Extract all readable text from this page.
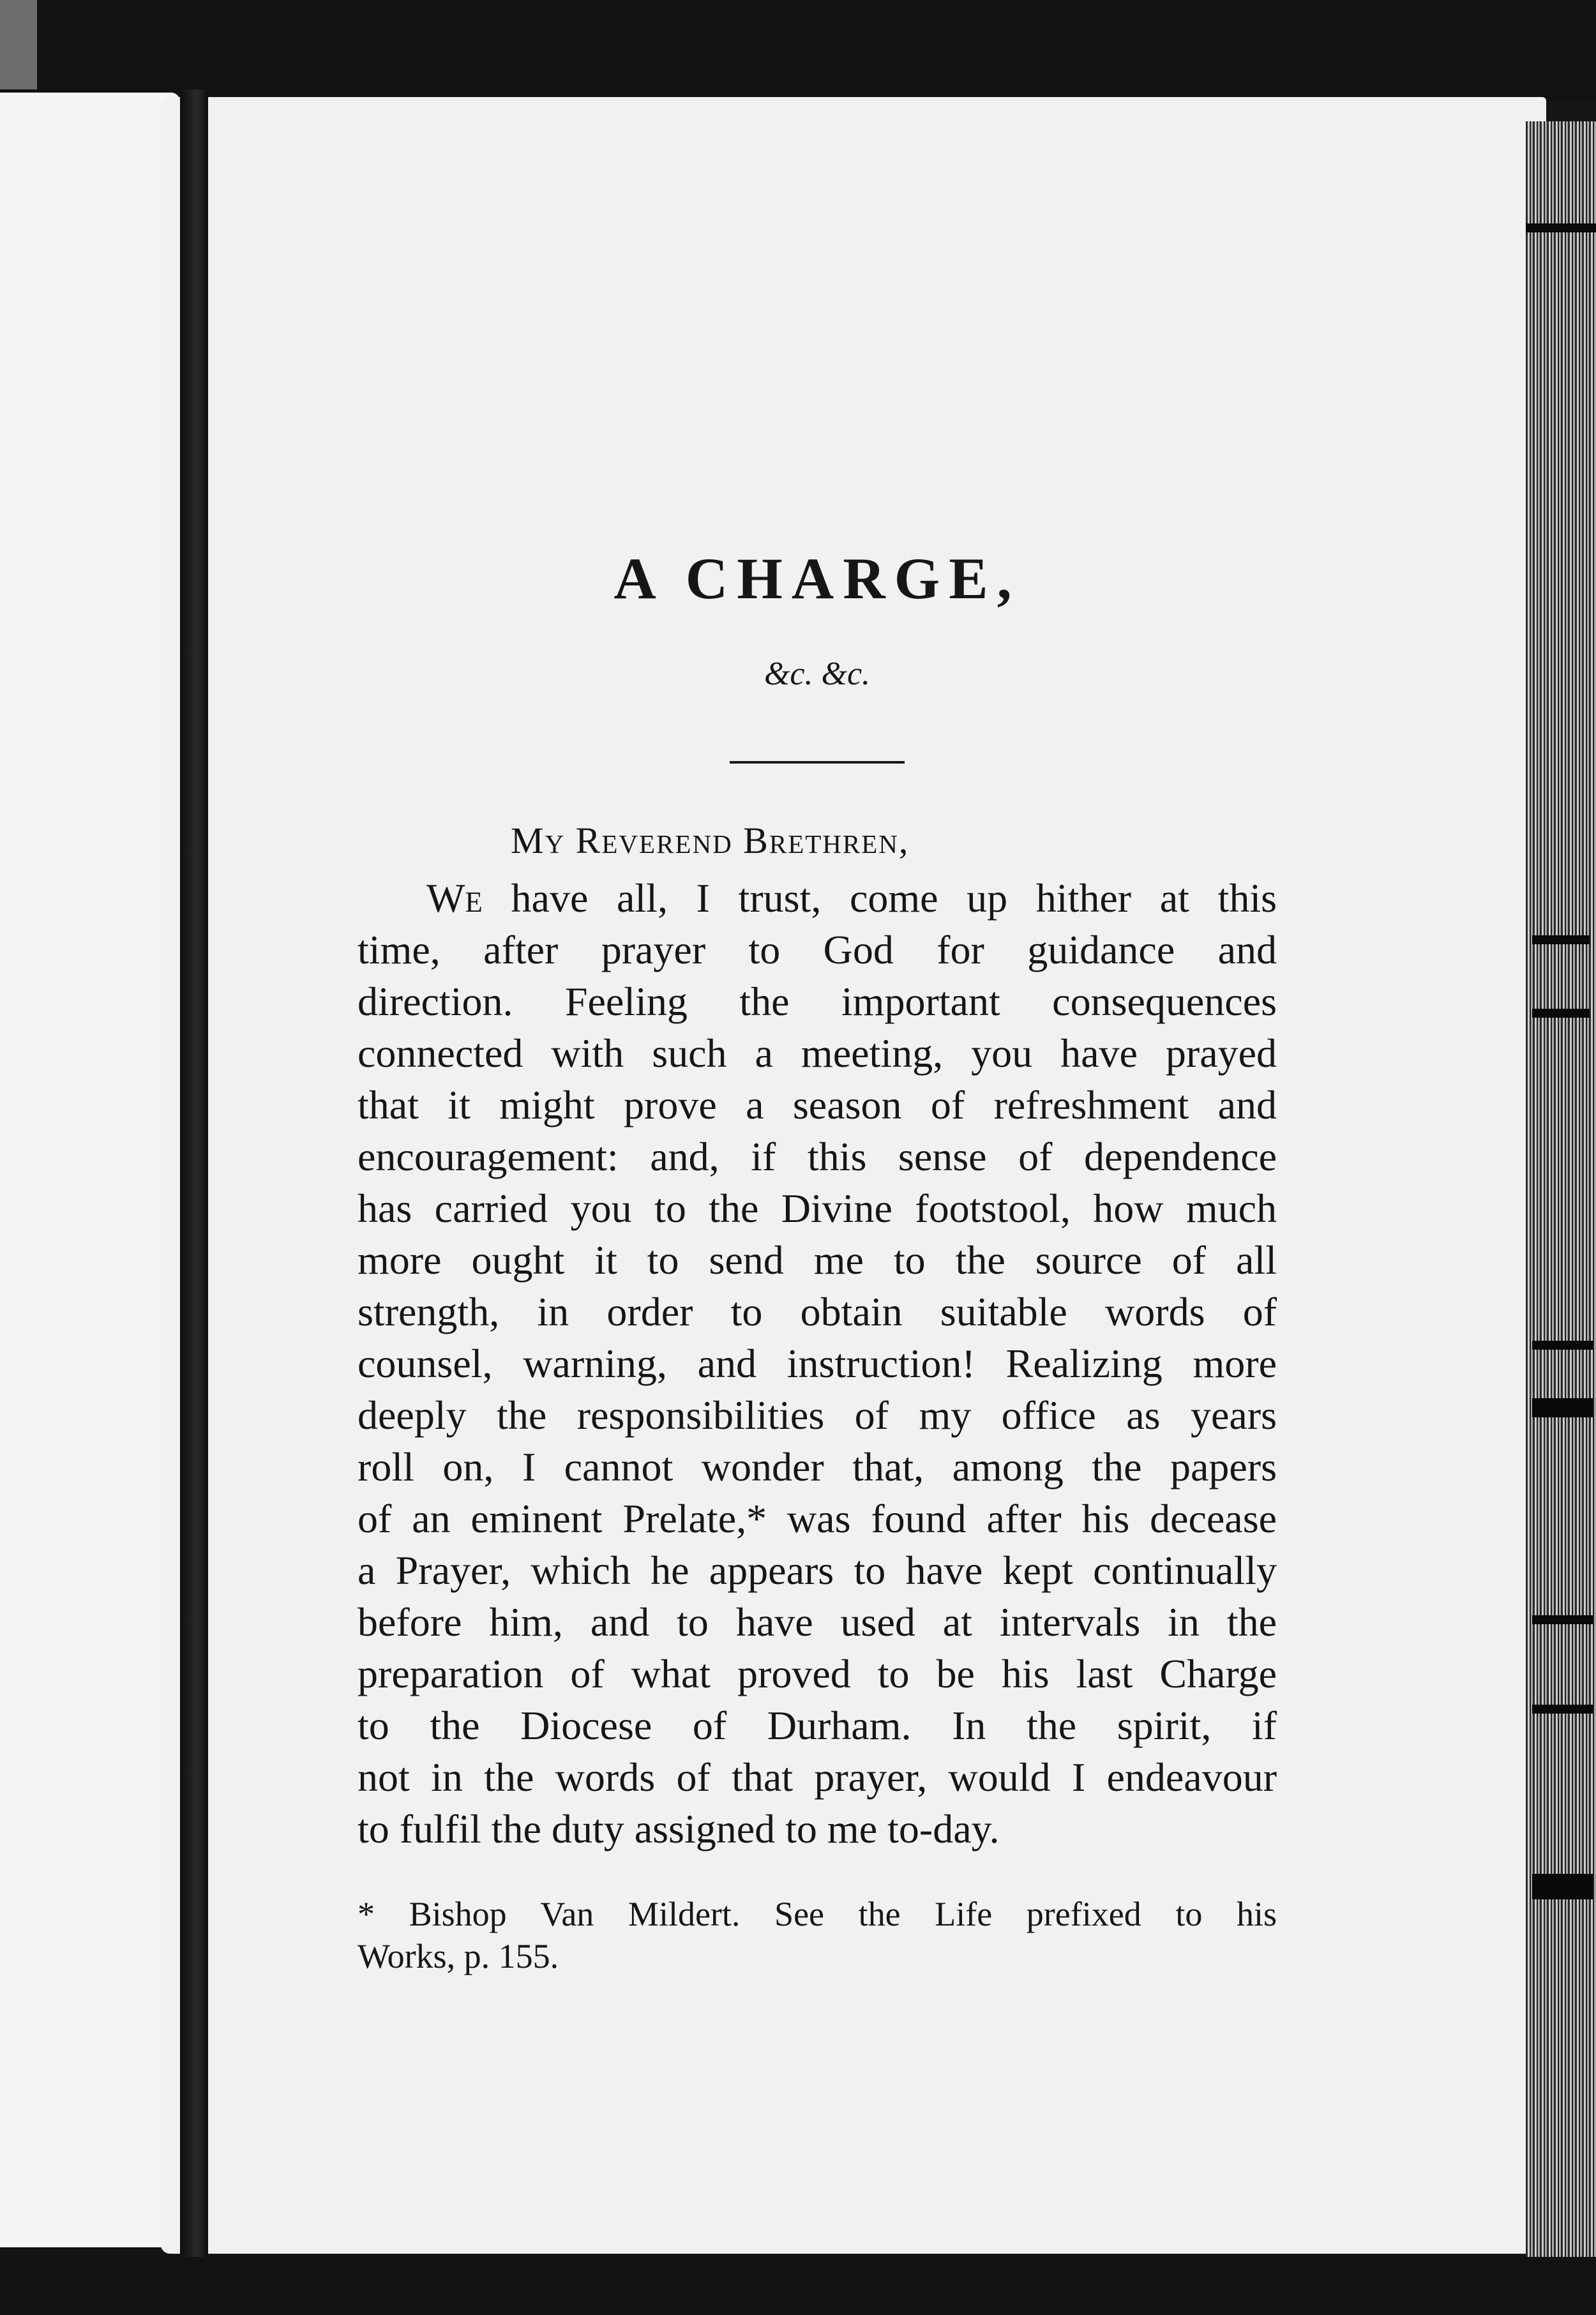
A CHARGE,
&c. &c.
My Reverend Brethren,
We have all, I trust, come up hither at this
time, after prayer to God for guidance and
direction. Feeling the important consequences
connected with such a meeting, you have prayed
that it might prove a season of refreshment and
encouragement: and, if this sense of dependence
has carried you to the Divine footstool, how much
more ought it to send me to the source of all
strength, in order to obtain suitable words of
counsel, warning, and instruction! Realizing more
deeply the responsibilities of my office as years
roll on, I cannot wonder that, among the papers
of an eminent Prelate,* was found after his decease
a Prayer, which he appears to have kept continually
before him, and to have used at intervals in the
preparation of what proved to be his last Charge
to the Diocese of Durham. In the spirit, if
not in the words of that prayer, would I endeavour
to fulfil the duty assigned to me to-day.
* Bishop Van Mildert. See the Life prefixed to his
Works, p. 155.
